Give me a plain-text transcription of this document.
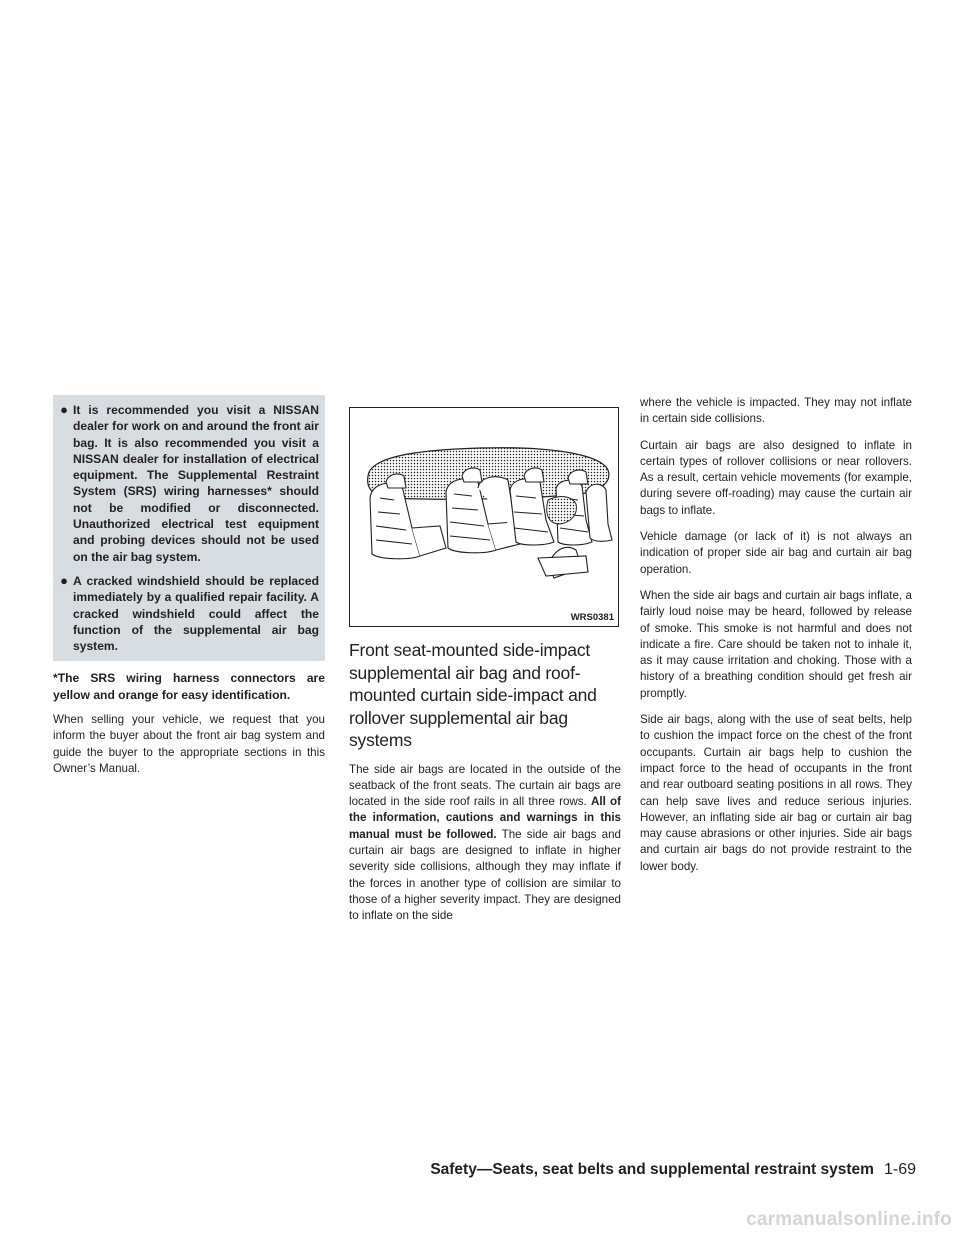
● It is recommended you visit a NISSAN dealer for work on and around the front air bag. It is also recommended you visit a NISSAN dealer for installation of electrical equipment. The Supplemental Restraint System (SRS) wiring harnesses* should not be modified or disconnected. Unauthorized electrical test equipment and probing devices should not be used on the air bag system.
● A cracked windshield should be replaced immediately by a qualified repair facility. A cracked windshield could affect the function of the supplemental air bag system.

*The SRS wiring harness connectors are yellow and orange for easy identification.

When selling your vehicle, we request that you inform the buyer about the front air bag system and guide the buyer to the appropriate sections in this Owner’s Manual.

WRS0381
Front seat-mounted side-impact supplemental air bag and roof-mounted curtain side-impact and rollover supplemental air bag systems

The side air bags are located in the outside of the seatback of the front seats. The curtain air bags are located in the side roof rails in all three rows. All of the information, cautions and warnings in this manual must be followed. The side air bags and curtain air bags are designed to inflate in higher severity side collisions, although they may inflate if the forces in another type of collision are similar to those of a higher severity impact. They are designed to inflate on the side

where the vehicle is impacted. They may not inflate in certain side collisions.

Curtain air bags are also designed to inflate in certain types of rollover collisions or near rollovers. As a result, certain vehicle movements (for example, during severe off-roading) may cause the curtain air bags to inflate.

Vehicle damage (or lack of it) is not always an indication of proper side air bag and curtain air bag operation.

When the side air bags and curtain air bags inflate, a fairly loud noise may be heard, followed by release of smoke. This smoke is not harmful and does not indicate a fire. Care should be taken not to inhale it, as it may cause irritation and choking. Those with a history of a breathing condition should get fresh air promptly.

Side air bags, along with the use of seat belts, help to cushion the impact force on the chest of the front occupants. Curtain air bags help to cushion the impact force to the head of occupants in the front and rear outboard seating positions in all rows. They can help save lives and reduce serious injuries. However, an inflating side air bag or curtain air bag may cause abrasions or other injuries. Side air bags and curtain air bags do not provide restraint to the lower body.

Safety—Seats, seat belts and supplemental restraint system 1-69
carmanualsonline.info
